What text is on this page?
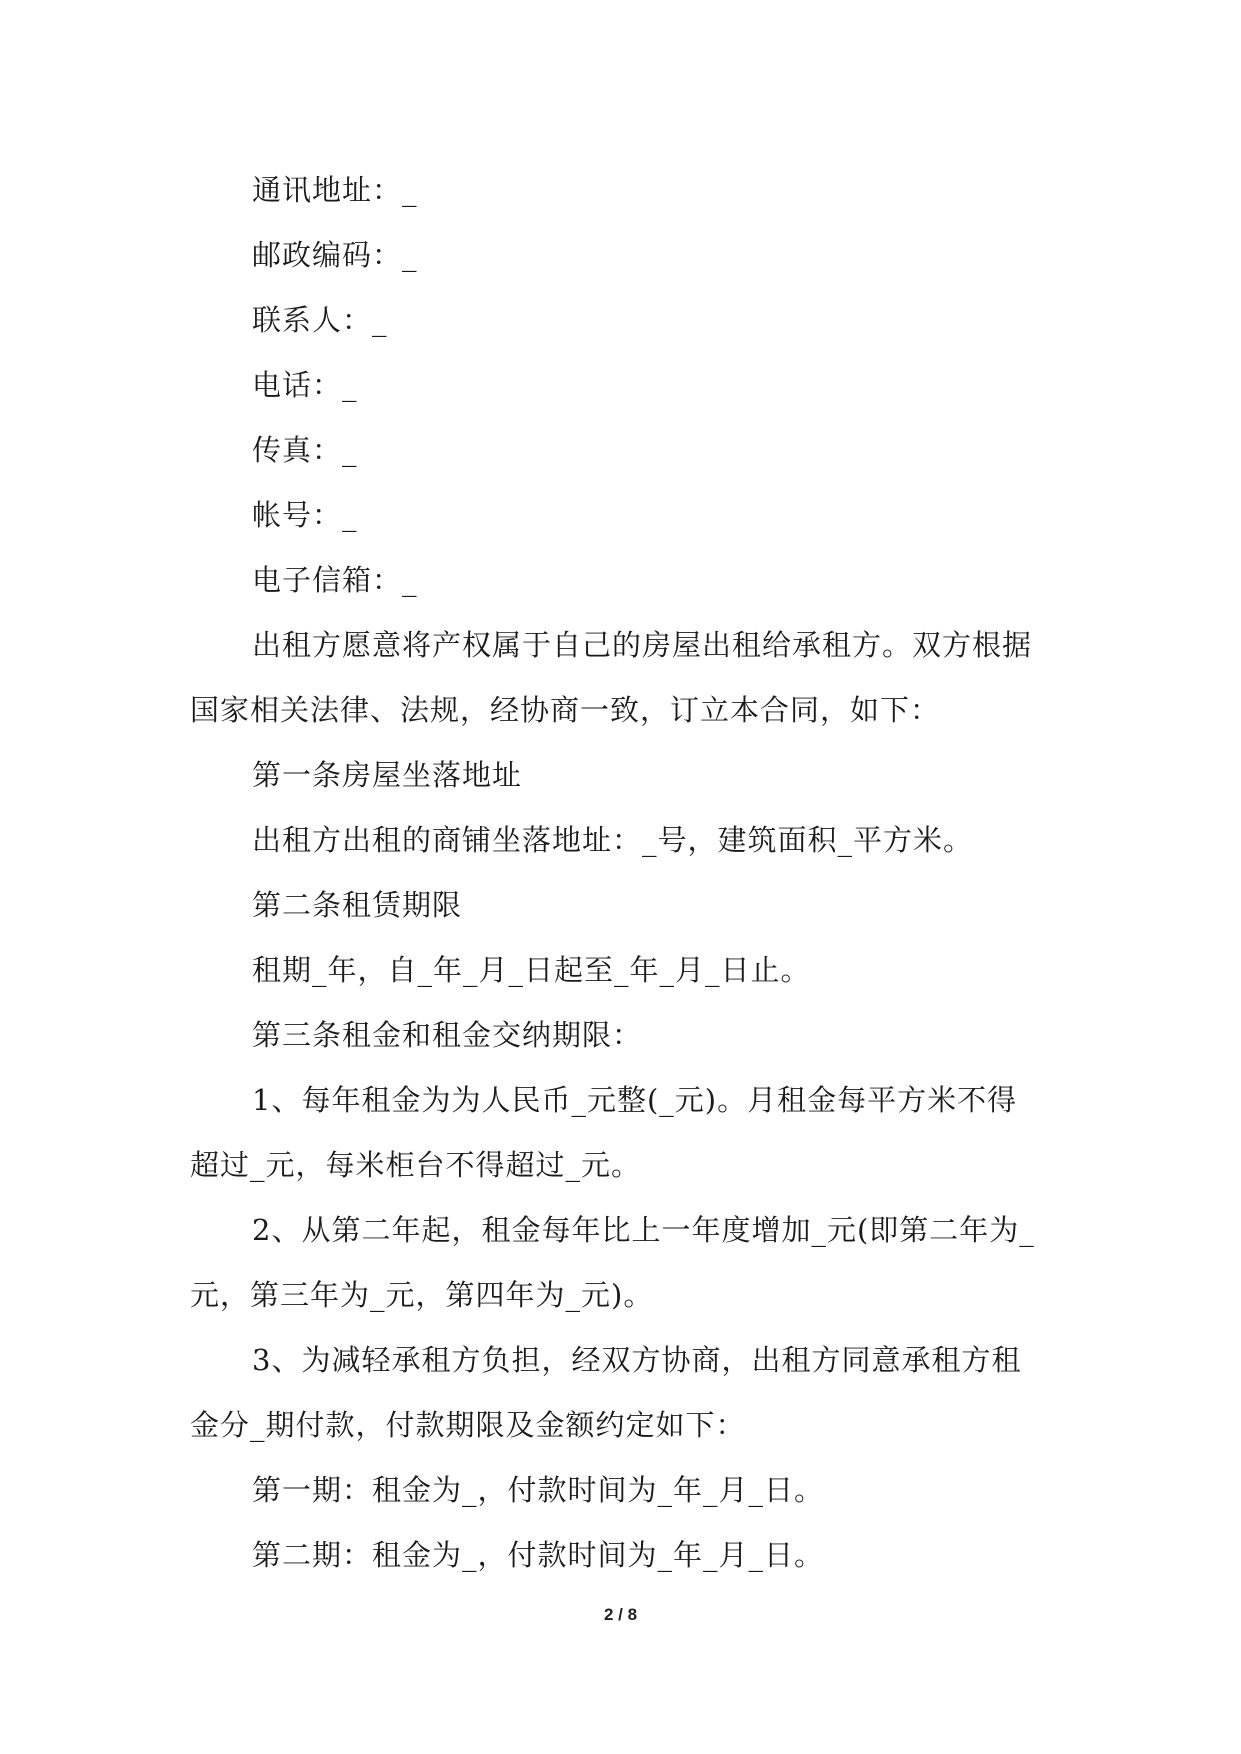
通讯地址：_
邮政编码：_
联系人：_
电话：_
传真：_
帐号：_
电子信箱：_
出租方愿意将产权属于自己的房屋出租给承租方。双方根据
国家相关法律、法规，经协商一致，订立本合同，如下：
第一条房屋坐落地址
出租方出租的商铺坐落地址：_号，建筑面积_平方米。
第二条租赁期限
租期_年，自_年_月_日起至_年_月_日止。
第三条租金和租金交纳期限：
1、每年租金为为人民币_元整(_元)。月租金每平方米不得
超过_元，每米柜台不得超过_元。
2、从第二年起，租金每年比上一年度增加_元(即第二年为_
元，第三年为_元，第四年为_元)。
3、为减轻承租方负担，经双方协商，出租方同意承租方租
金分_期付款，付款期限及金额约定如下：
第一期：租金为_，付款时间为_年_月_日。
第二期：租金为_，付款时间为_年_月_日。
2 / 8
